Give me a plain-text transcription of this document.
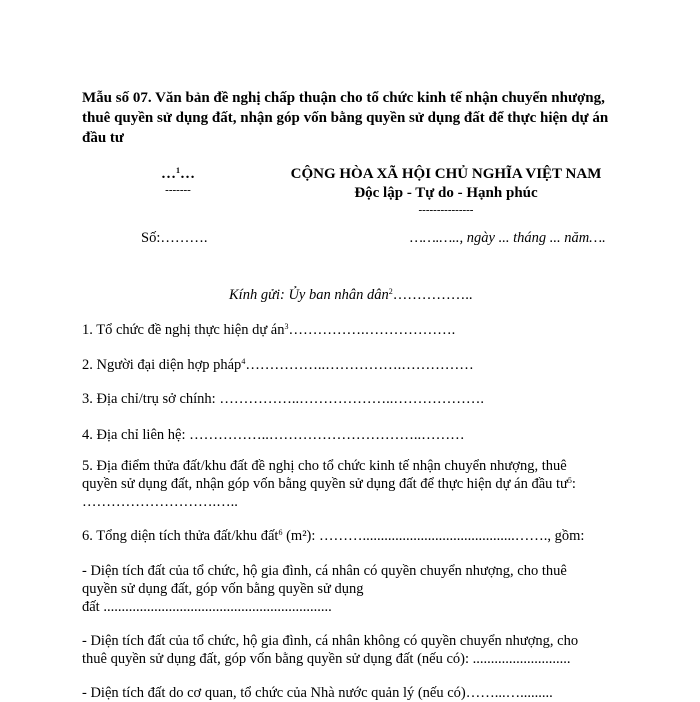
Mẫu số 07. Văn bản đề nghị chấp thuận cho tổ chức kinh tế nhận chuyển nhượng,
thuê quyền sử dụng đất, nhận góp vốn bằng quyền sử dụng đất để thực hiện dự án
đầu tư
…$^1$…
-------
CỘNG HÒA XÃ HỘI CHỦ NGHĨA VIỆT NAM
Độc lập - Tự do - Hạnh phúc
---------------
Số:……….	…….….., ngày ... tháng ... năm….
Kính gửi: Ủy ban nhân dân$^2$……………..
1. Tổ chức đề nghị thực hiện dự $án^3\dots\dots\dots\dots\dots.\dots\dots\dots\dots\dots\dots$.
2. Người đại diện hợp pháp$^4$……………..…………….……………
3. Địa chỉ/trụ sở chính: ……………..………………..……………….
4. Địa chỉ liên hệ: ……………..…………………………..………
5. Địa điểm thửa đất/khu đất đề nghị cho tổ chức kinh tế nhận chuyển nhượng, thuê
quyền sử dụng đất, nhận góp vốn bằng quyền sử dụng đất để thực hiện dự án đầu $tư^5$:
……………………….…..
6. Tổng diện tích thửa đất/khu đất$^6$ (m²): ………..........................................……., gồm:
- Diện tích đất của tổ chức, hộ gia đình, cá nhân có quyền chuyển nhượng, cho thuê
quyền sử dụng đất, góp vốn bằng quyền sử dụng
đất ...............................................................
- Diện tích đất của tổ chức, hộ gia đình, cá nhân không có quyền chuyển nhượng, cho
thuê quyền sử dụng đất, góp vốn bằng quyền sử dụng đất (nếu có): ...........................
- Diện tích đất do cơ quan, tổ chức của Nhà nước quản lý (nếu có)……...….........
